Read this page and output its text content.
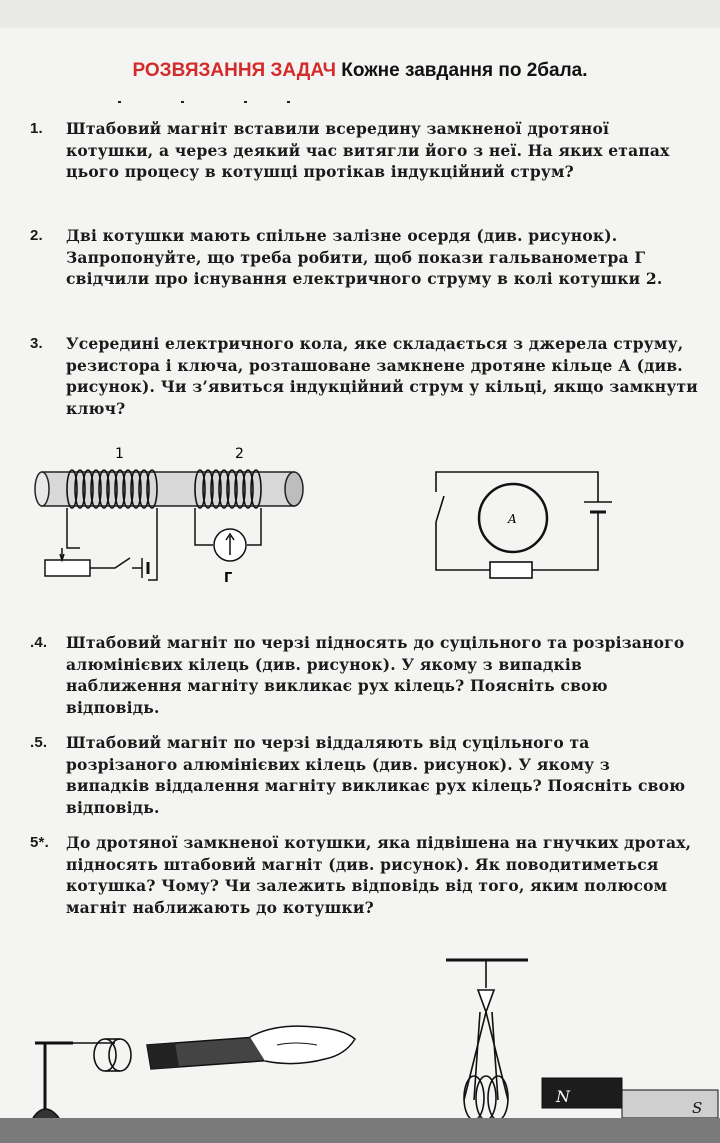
РОЗВЯЗАННЯ ЗАДАЧ Кожне завдання по 2бала.
1.	Штабовий магніт вставили всередину замкненої дротяної котушки, а через деякий час витягли його з неї. На яких етапах цього процесу в котушці протікав індукційний струм?
2.	Дві котушки мають спільне залізне осердя (див. рисунок). Запропонуйте, що треба робити, щоб покази гальванометра Г свідчили про існування електричного струму в колі котушки 2.
3.	Усередині електричного кола, яке складається з джерела струму, резистора і ключа, розташоване замкнене дротяне кільце А (див. рисунок). Чи з’явиться індукційний струм у кільці, якщо замкнути ключ?
1	2
Г
A
.4.	Штабовий магніт по черзі підносять до суцільного та розрізаного алюмінієвих кілець (див. рисунок). У якому з випадків наближення магніту викликає рух кілець? Поясніть свою відповідь.
.5.	Штабовий магніт по черзі віддаляють від суцільного та розрізаного алюмінієвих кілець (див. рисунок). У якому з випадків віддалення магніту викликає рух кілець? Поясніть свою відповідь.
5*.	До дротяної замкненої котушки, яка підвішена на гнучких дротах, підносять штабовий магніт (див. рисунок). Як поводитиметься котушка? Чому? Чи залежить відповідь від того, яким полюсом магніт наближають до котушки?
N
S
